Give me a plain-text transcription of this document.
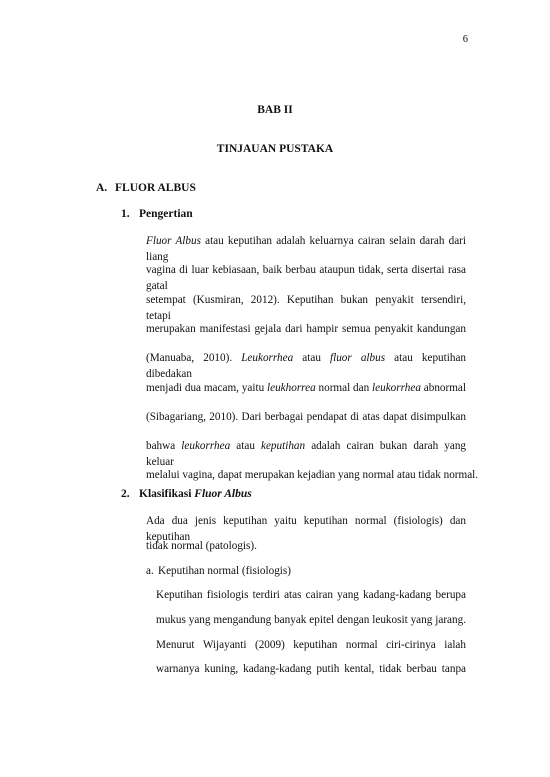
6
BAB II
TINJAUAN PUSTAKA
A. FLUOR ALBUS
1. Pengertian
Fluor Albus atau keputihan adalah keluarnya cairan selain darah dari liang
vagina di luar kebiasaan, baik berbau ataupun tidak, serta disertai rasa gatal
setempat (Kusmiran, 2012). Keputihan bukan penyakit tersendiri, tetapi
merupakan manifestasi gejala dari hampir semua penyakit kandungan
(Manuaba, 2010). Leukorrhea atau fluor albus atau keputihan dibedakan
menjadi dua macam, yaitu leukhorrea normal dan leukorrhea abnormal
(Sibagariang, 2010). Dari berbagai pendapat di atas dapat disimpulkan
bahwa leukorrhea atau keputihan adalah cairan bukan darah yang keluar
melalui vagina, dapat merupakan kejadian yang normal atau tidak normal.
2. Klasifikasi Fluor Albus
Ada dua jenis keputihan yaitu keputihan normal (fisiologis) dan keputihan
tidak normal (patologis).
a. Keputihan normal (fisiologis)
Keputihan fisiologis terdiri atas cairan yang kadang-kadang berupa
mukus yang mengandung banyak epitel dengan leukosit yang jarang.
Menurut Wijayanti (2009) keputihan normal ciri-cirinya ialah
warnanya kuning, kadang-kadang putih kental, tidak berbau tanpa
